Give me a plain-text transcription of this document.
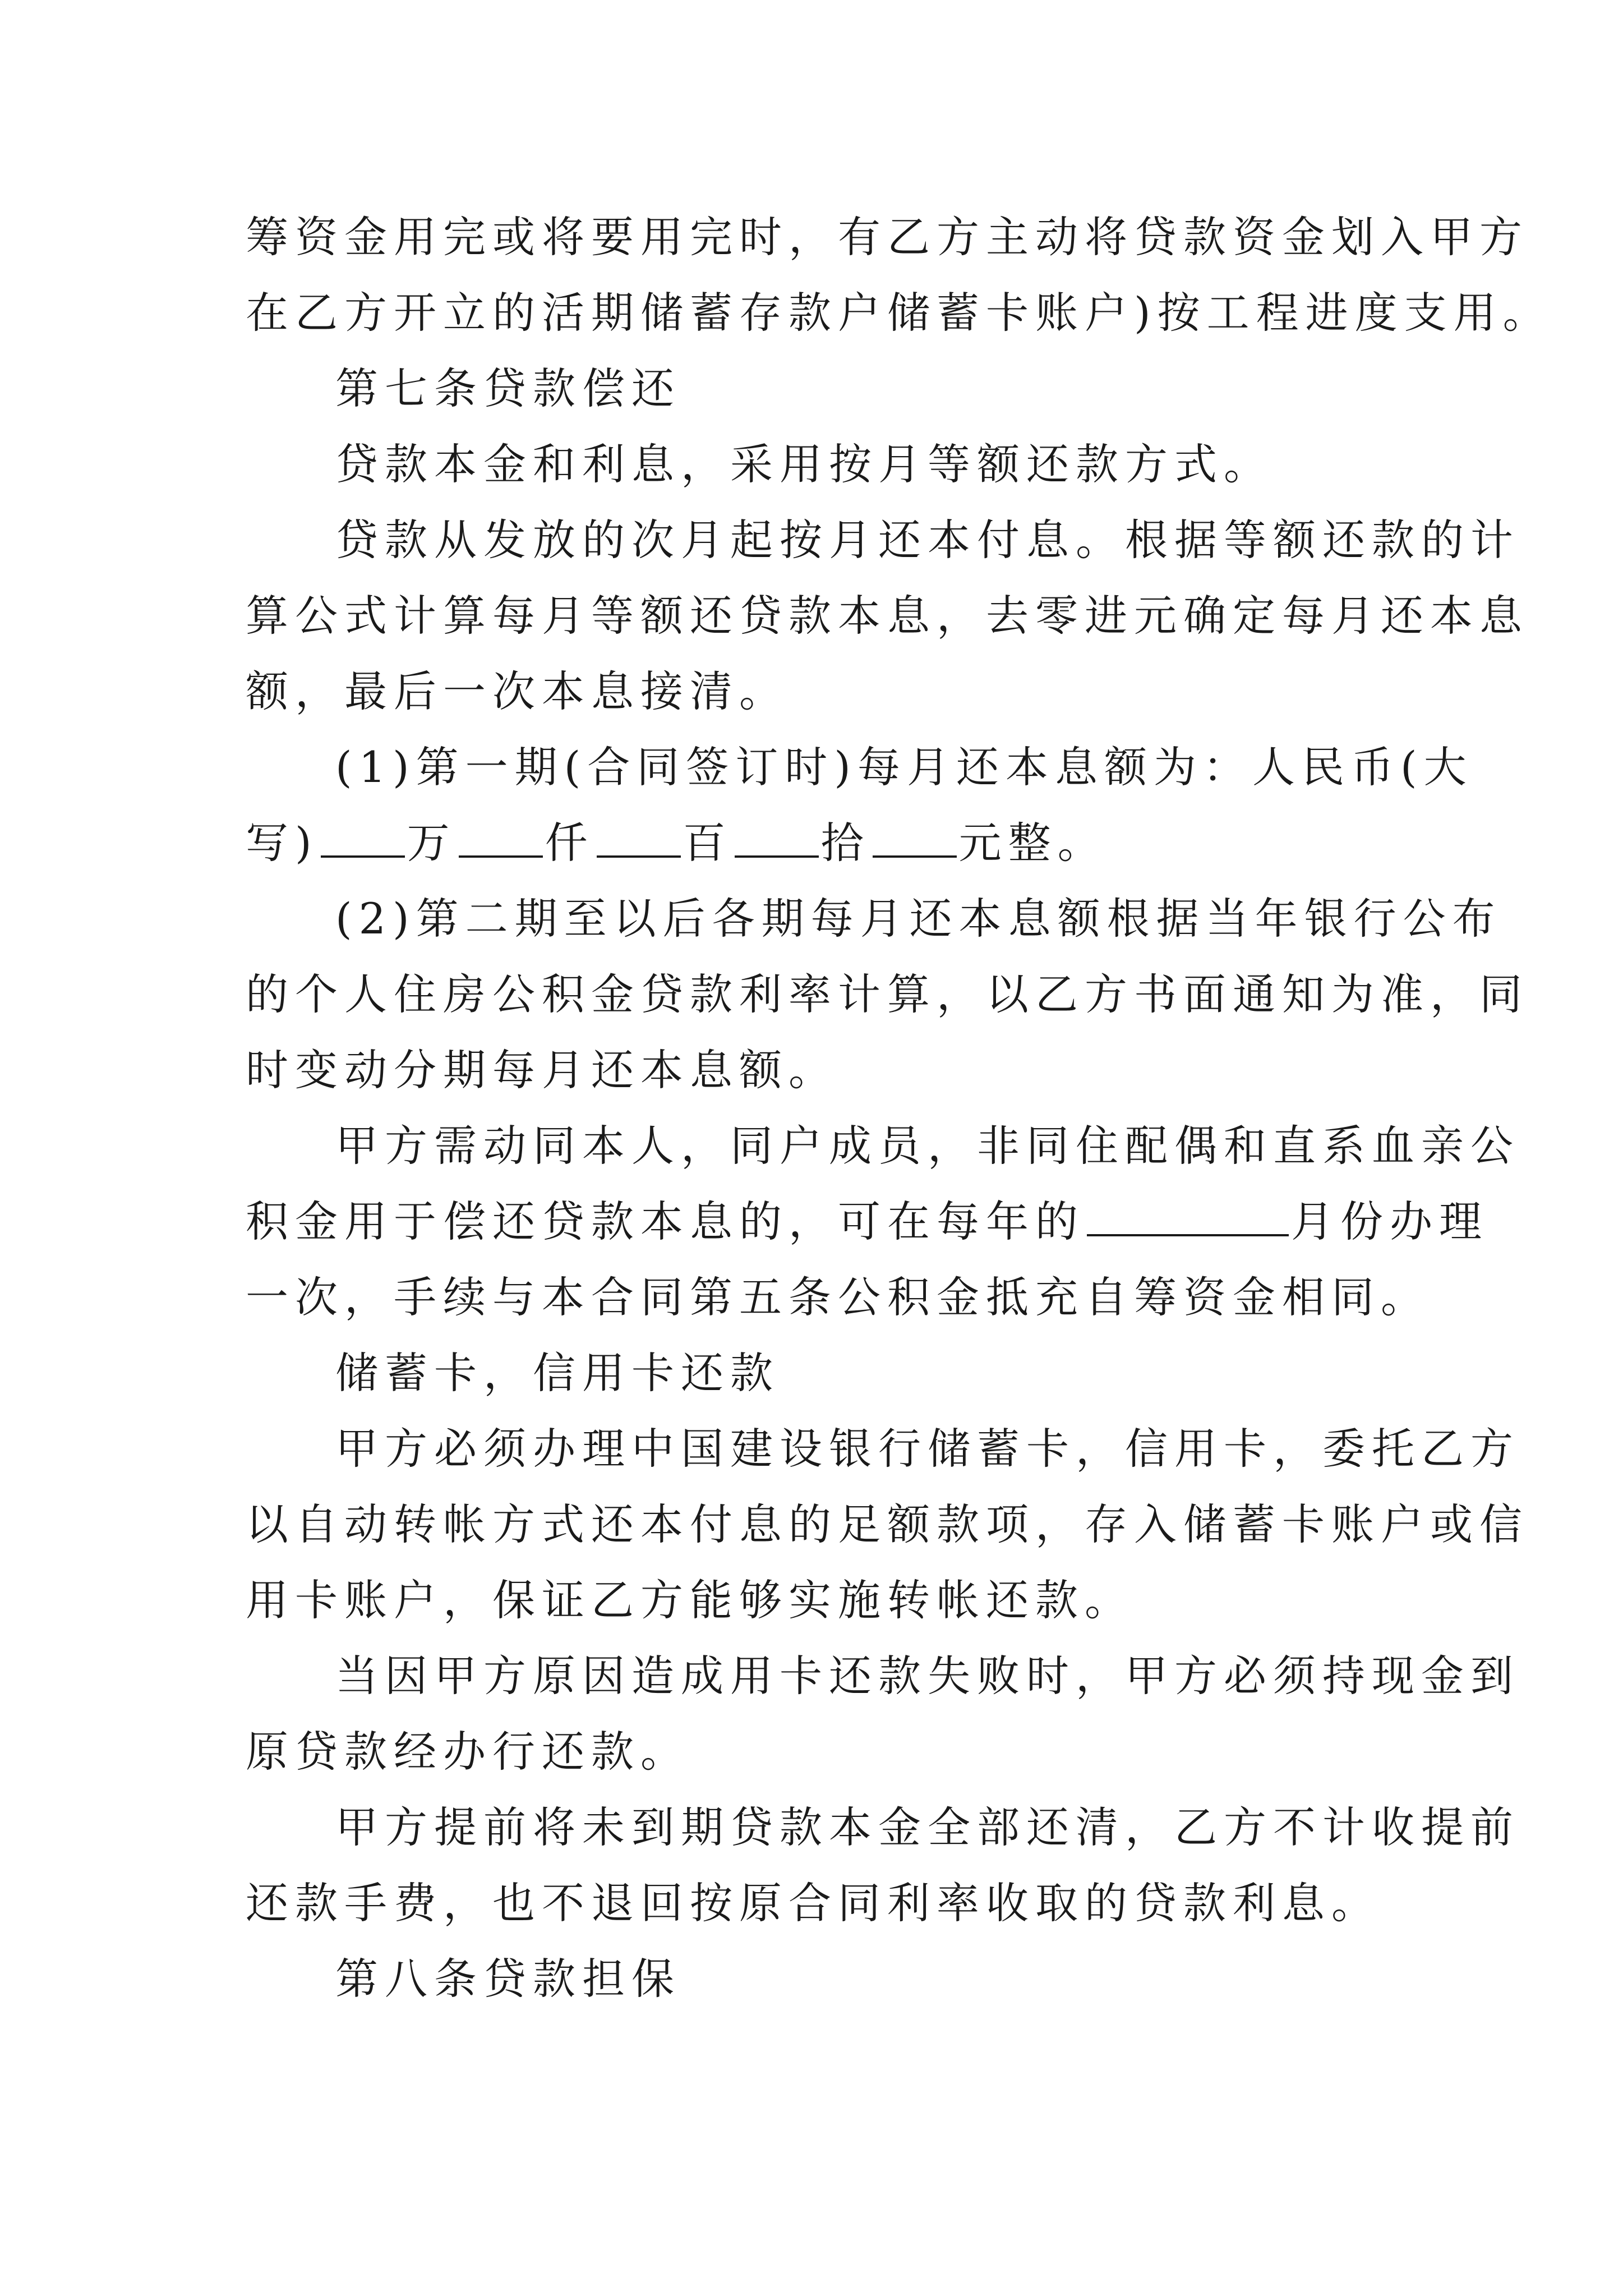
筹资金用完或将要用完时，有乙方主动将贷款资金划入甲方
在乙方开立的活期储蓄存款户储蓄卡账户)按工程进度支用。
第七条贷款偿还
贷款本金和利息，采用按月等额还款方式。
贷款从发放的次月起按月还本付息。根据等额还款的计
算公式计算每月等额还贷款本息，去零进元确定每月还本息
额，最后一次本息接清。
(1)第一期(合同签订时)每月还本息额为：人民币(大
写) 万 仟 百 拾 元整。
(2)第二期至以后各期每月还本息额根据当年银行公布
的个人住房公积金贷款利率计算，以乙方书面通知为准，同
时变动分期每月还本息额。
甲方需动同本人，同户成员，非同住配偶和直系血亲公
积金用于偿还贷款本息的，可在每年的	月份办理
一次，手续与本合同第五条公积金抵充自筹资金相同。
储蓄卡，信用卡还款
甲方必须办理中国建设银行储蓄卡，信用卡，委托乙方
以自动转帐方式还本付息的足额款项，存入储蓄卡账户或信
用卡账户，保证乙方能够实施转帐还款。
当因甲方原因造成用卡还款失败时，甲方必须持现金到
原贷款经办行还款。
甲方提前将未到期贷款本金全部还清，乙方不计收提前
还款手费，也不退回按原合同利率收取的贷款利息。
第八条贷款担保
